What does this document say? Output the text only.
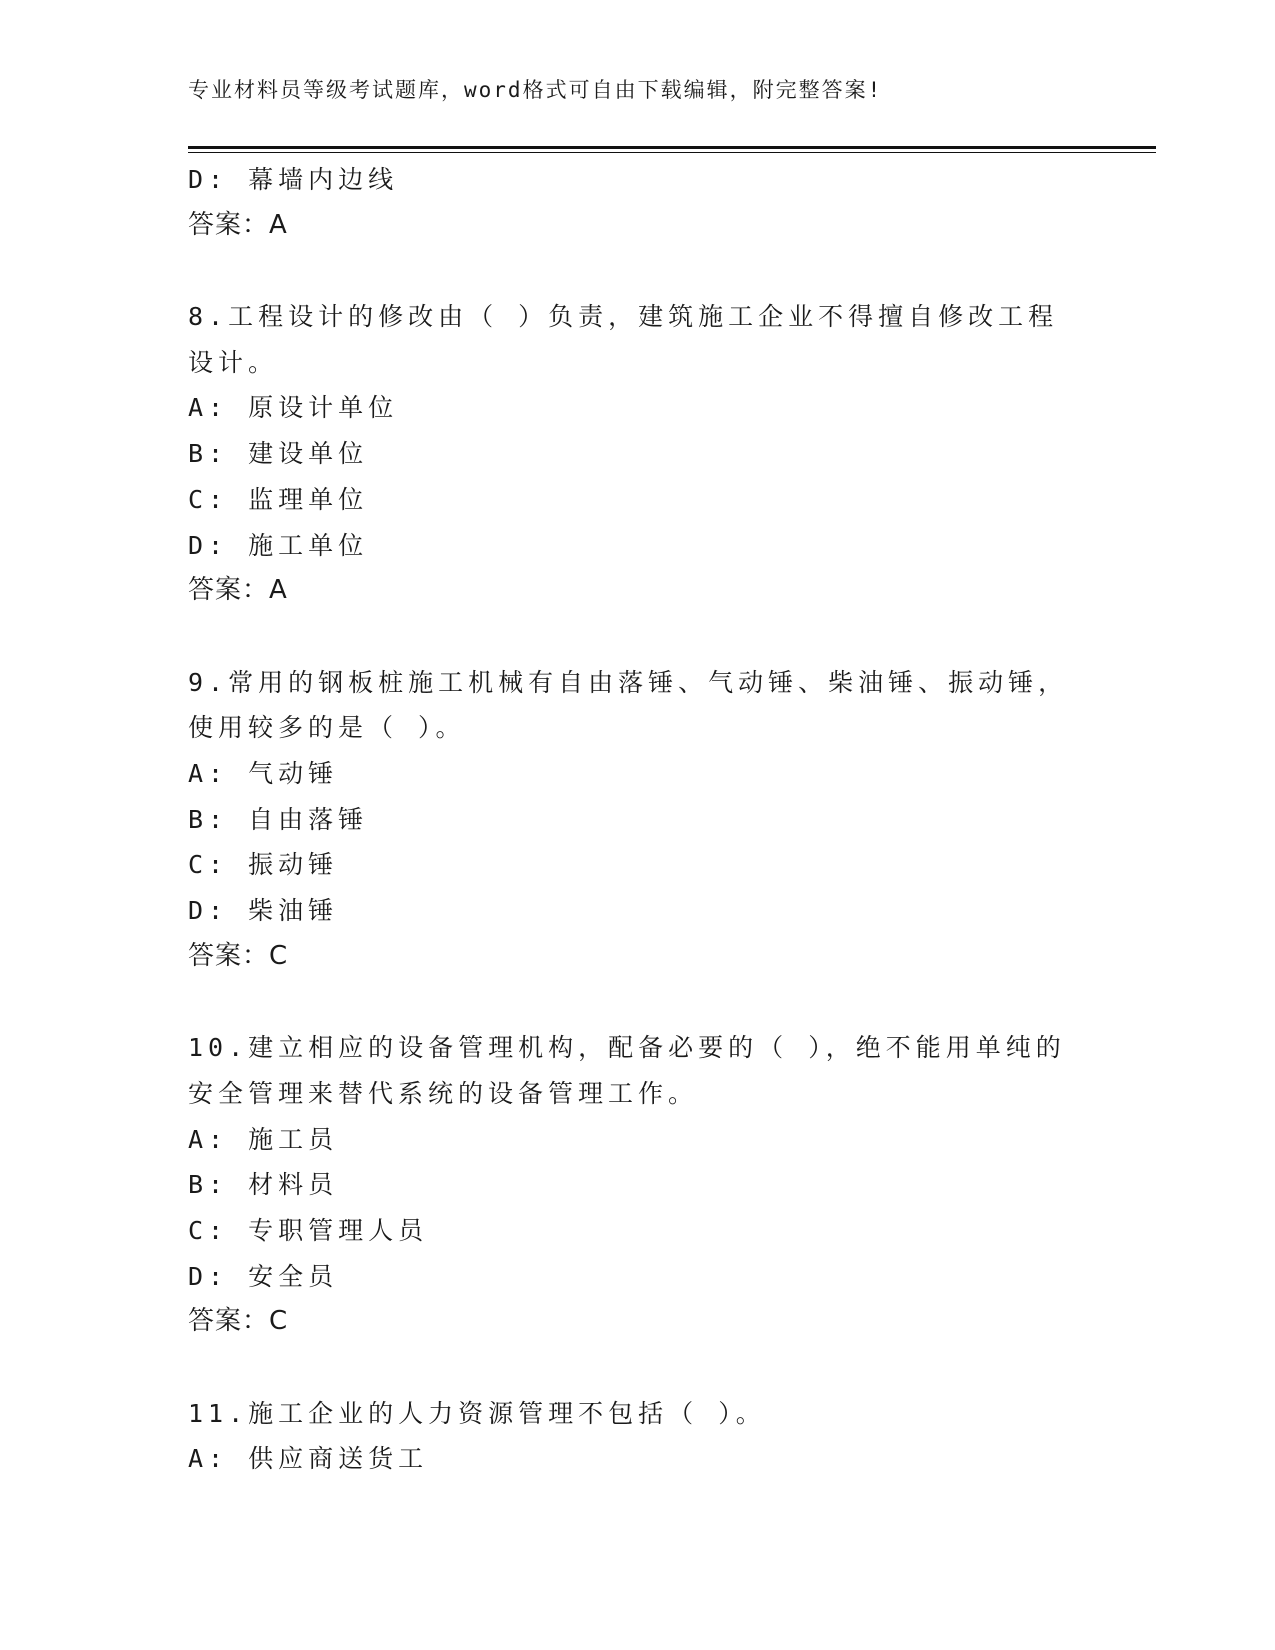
专业材料员等级考试题库，word格式可自由下载编辑，附完整答案!
D: 幕墙内边线
答案：A
8.工程设计的修改由（ ）负责，建筑施工企业不得擅自修改工程设计。
A: 原设计单位
B: 建设单位
C: 监理单位
D: 施工单位
答案：A
9.常用的钢板桩施工机械有自由落锤、气动锤、柴油锤、振动锤，使用较多的是（ ）。
A: 气动锤
B: 自由落锤
C: 振动锤
D: 柴油锤
答案：C
10.建立相应的设备管理机构，配备必要的（ ），绝不能用单纯的安全管理来替代系统的设备管理工作。
A: 施工员
B: 材料员
C: 专职管理人员
D: 安全员
答案：C
11.施工企业的人力资源管理不包括（ ）。
A: 供应商送货工
